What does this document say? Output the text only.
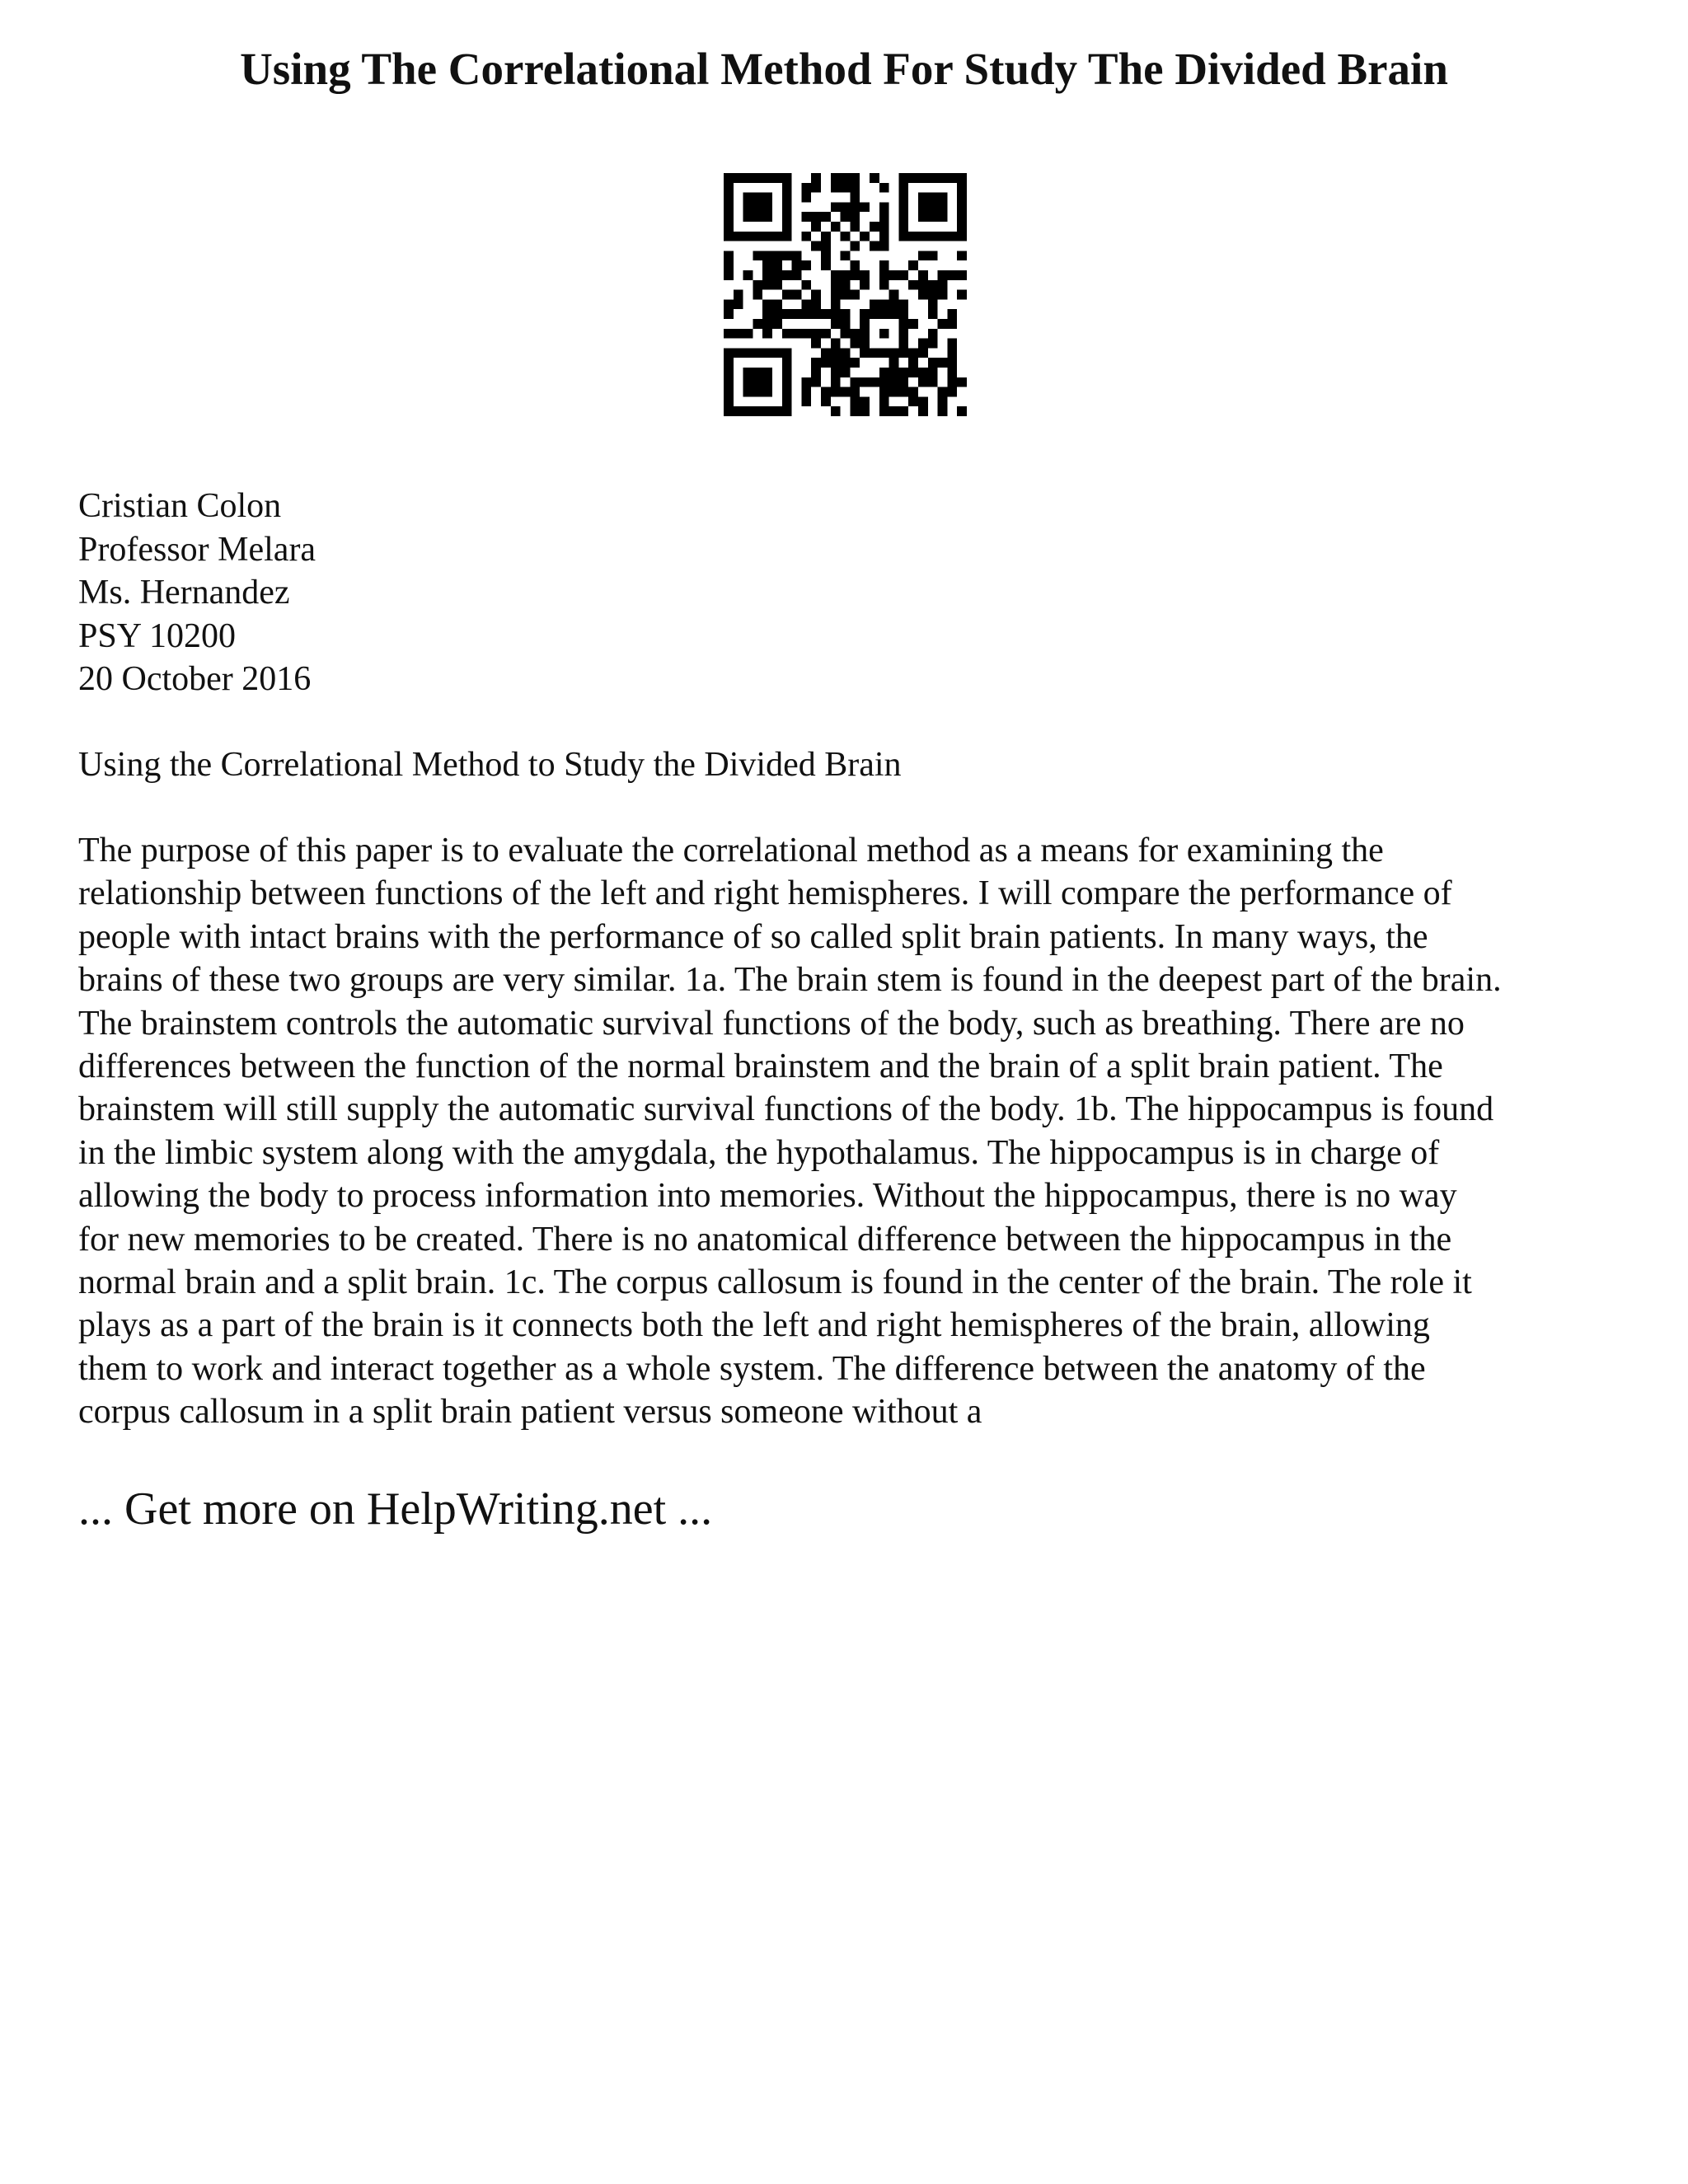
Using The Correlational Method For Study The Divided Brain
Cristian Colon
Professor Melara
Ms. Hernandez
PSY 10200
20 October 2016
Using the Correlational Method to Study the Divided Brain
The purpose of this paper is to evaluate the correlational method as a means for examining the
relationship between functions of the left and right hemispheres. I will compare the performance of
people with intact brains with the performance of so called split brain patients. In many ways, the
brains of these two groups are very similar. 1a. The brain stem is found in the deepest part of the brain.
The brainstem controls the automatic survival functions of the body, such as breathing. There are no
differences between the function of the normal brainstem and the brain of a split brain patient. The
brainstem will still supply the automatic survival functions of the body. 1b. The hippocampus is found
in the limbic system along with the amygdala, the hypothalamus. The hippocampus is in charge of
allowing the body to process information into memories. Without the hippocampus, there is no way
for new memories to be created. There is no anatomical difference between the hippocampus in the
normal brain and a split brain. 1c. The corpus callosum is found in the center of the brain. The role it
plays as a part of the brain is it connects both the left and right hemispheres of the brain, allowing
them to work and interact together as a whole system. The difference between the anatomy of the
corpus callosum in a split brain patient versus someone without a
... Get more on HelpWriting.net ...
